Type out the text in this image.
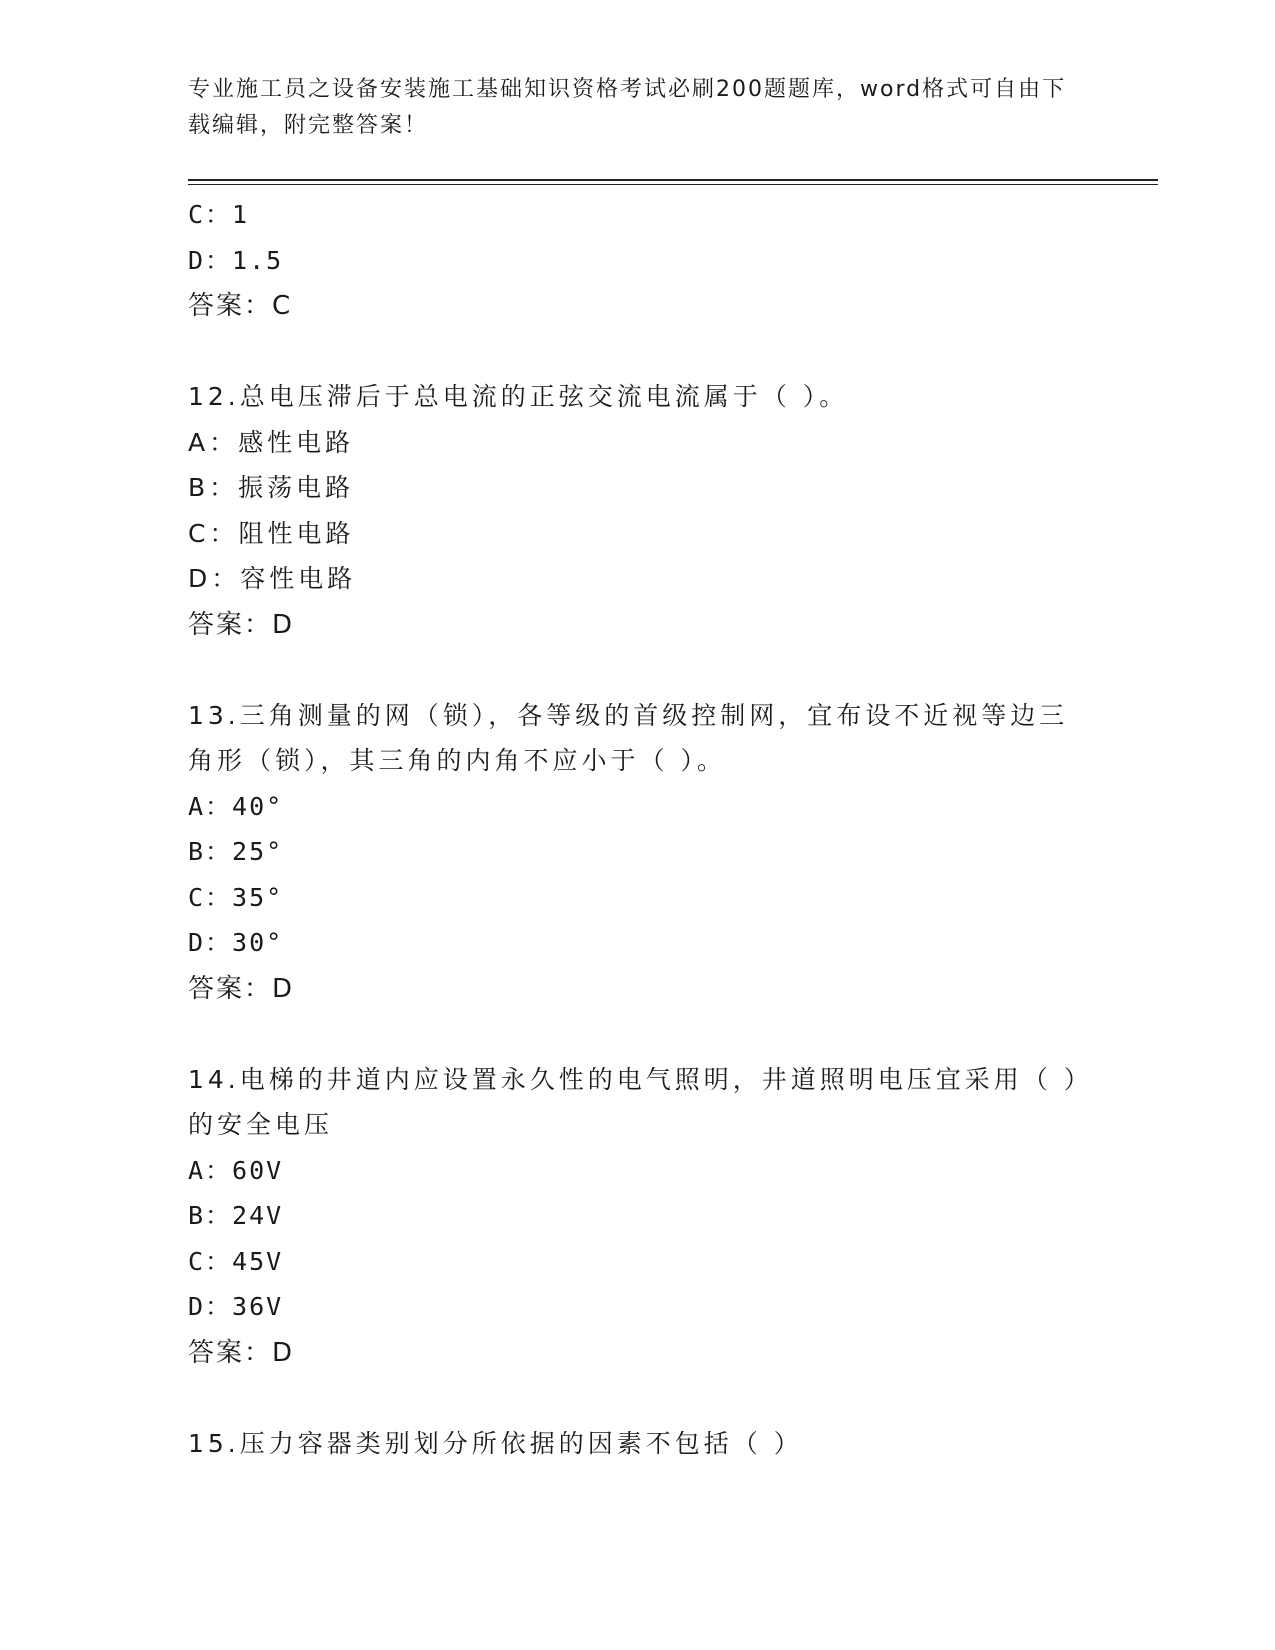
专业施工员之设备安装施工基础知识资格考试必刷200题题库，word格式可自由下载编辑，附完整答案！
C：1
D：1.5
答案：C
12.总电压滞后于总电流的正弦交流电流属于（ ）。
A：感性电路
B：振荡电路
C：阻性电路
D：容性电路
答案：D
13.三角测量的网（锁），各等级的首级控制网，宜布设不近视等边三角形（锁），其三角的内角不应小于（ ）。
A：40°
B：25°
C：35°
D：30°
答案：D
14.电梯的井道内应设置永久性的电气照明，井道照明电压宜采用（ ）的安全电压
A：60V
B：24V
C：45V
D：36V
答案：D
15.压力容器类别划分所依据的因素不包括（ ）
